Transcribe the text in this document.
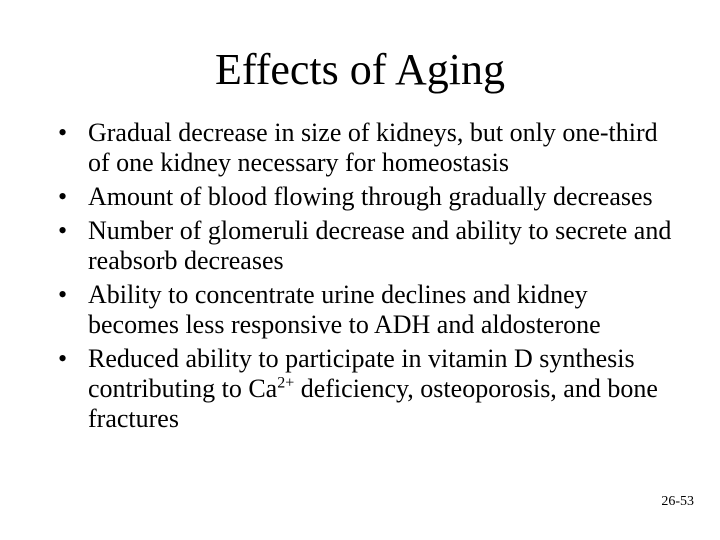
Effects of Aging
• Gradual decrease in size of kidneys, but only one-third of one kidney necessary for homeostasis
• Amount of blood flowing through gradually decreases
• Number of glomeruli decrease and ability to secrete and reabsorb decreases
• Ability to concentrate urine declines and kidney becomes less responsive to ADH and aldosterone
• Reduced ability to participate in vitamin D synthesis contributing to $Ca^{2+}$ deficiency, osteoporosis, and bone fractures
26-53
